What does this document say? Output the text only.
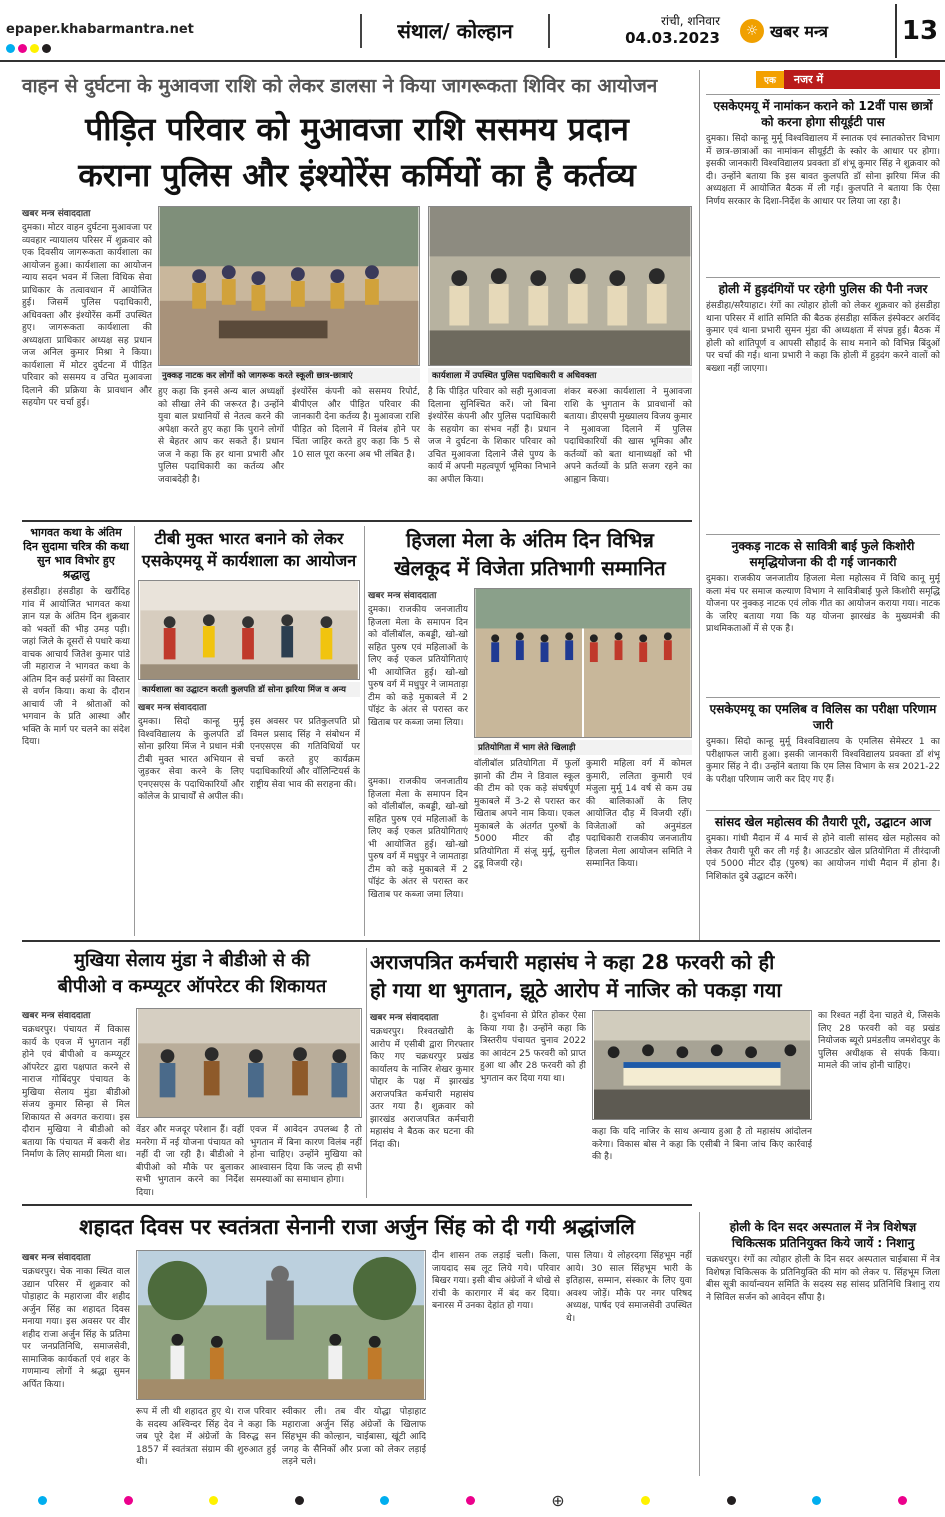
epaper.khabarmantra.net	संथाल/ कोल्हान	रांची, शनिवार
04.03.2023	☼ खबर मन्त्र	13
वाहन से दुर्घटना के मुआवजा राशि को लेकर डालसा ने किया जागरूकता शिविर का आयोजन
पीड़ित परिवार को मुआवजा राशि ससमय प्रदान
कराना पुलिस और इंश्योरेंस कर्मियों का है कर्तव्य
खबर मन्त्र संवाददाता
दुमका। मोटर वाहन दुर्घटना मुआवजा पर व्यवहार न्यायालय परिसर में शुक्रवार को एक दिवसीय जागरूकता कार्यशाला का आयोजन हुआ। कार्यशाला का आयोजन न्याय सदन भवन में जिला विधिक सेवा प्राधिकार के तत्वावधान में आयोजित हुई। जिसमें पुलिस पदाधिकारी, अधिवक्ता और इंश्योरेंस कर्मी उपस्थित हुए। जागरूकता कार्यशाला की अध्यक्षता प्राधिकार अध्यक्ष सह प्रधान जज अनिल कुमार मिश्रा ने किया। कार्यशाला में मोटर दुर्घटना में पीड़ित परिवार को ससमय व उचित मुआवजा दिलाने की प्रक्रिया के प्रावधान और सहयोग पर चर्चा हुई।
नुक्कड़ नाटक कर लोगों को जागरूक करते स्कूली छात्र-छात्राएं	कार्यशाला में उपस्थित पुलिस पदाधिकारी व अधिवक्ता
हुए कहा कि इनसे अन्य बाल अध्यक्षों को सीखा लेने की जरूरत है। उन्होंने युवा बाल प्रधानियों से नेतत्व करने की अपेक्षा करते हुए कहा कि पुराने लोगों से बेहतर आप कर सकते हैं। प्रधान जज ने कहा कि हर थाना प्रभारी और पुलिस पदाधिकारी का कर्तव्य और जवाबदेही है।
इंश्योरेंस कंपनी को ससमय रिपोर्ट, बीपीएल और पीड़ित परिवार की जानकारी देना कर्तव्य है। मुआवजा राशि पीड़ित को दिलाने में विलंब होने पर चिंता जाहिर करते हुए कहा कि 5 से 10 साल पूरा करना अब भी लंबित है।
है कि पीड़ित परिवार को सही मुआवजा दिलाना सुनिश्चित करें। जो बिना इंश्योरेंस कंपनी और पुलिस पदाधिकारी के सहयोग का संभव नहीं है। प्रधान जज ने दुर्घटना के शिकार परिवार को उचित मुआवजा दिलाने जैसे पुण्य के कार्य में अपनी महत्वपूर्ण भूमिका निभाने का अपील किया।
शंकर बरुआ कार्यशाला ने मुआवजा राशि के भुगतान के प्रावधानों को बताया। डीएसपी मुख्यालय विजय कुमार ने मुआवजा दिलाने में पुलिस पदाधिकारियों की खास भूमिका और कर्तव्यों को बता थानाध्यक्षों को भी अपने कर्तव्यों के प्रति सजग रहने का आह्वान किया।
एक	नजर में
एसकेएमयू में नामांकन कराने को 12वीं पास छात्रों को करना होगा सीयूईटी पास
दुमका। सिदो कान्हू मुर्मू विश्वविद्यालय में स्नातक एवं स्नातकोत्तर विभाग में छात्र-छात्राओं का नामांकन सीयूईटी के स्कोर के आधार पर होगा। इसकी जानकारी विश्वविद्यालय प्रवक्ता डॉ शंभू कुमार सिंह ने शुक्रवार को दी। उन्होंने बताया कि इस बावत कुलपति डॉ सोना झरिया मिंज की अध्यक्षता में आयोजित बैठक में ली गई। कुलपति ने बताया कि ऐसा निर्णय सरकार के दिशा-निर्देश के आधार पर लिया जा रहा है।
होली में हुड़दंगियों पर रहेगी पुलिस की पैनी नजर
हंसडीहा/सरैयाहाट। रंगों का त्योहार होली को लेकर शुक्रवार को हंसडीहा थाना परिसर में शांति समिति की बैठक हंसडीहा सर्किल इंस्पेक्टर अरविंद कुमार एवं थाना प्रभारी सुमन मुंडा की अध्यक्षता में संपन्न हुई। बैठक में होली को शांतिपूर्ण व आपसी सौहार्द के साथ मनाने को विभिन्न बिंदुओं पर चर्चा की गई। थाना प्रभारी ने कहा कि होली में हुड़दंग करने वालों को बख्शा नहीं जाएगा।
नुक्कड़ नाटक से सावित्री बाई फुले किशोरी समृद्धियोजना की दी गई जानकारी
दुमका। राजकीय जनजातीय हिजला मेला महोत्सव में विधि कानू मुर्मू कला मंच पर समाज कल्याण विभाग ने सावित्रीबाई फुले किशोरी समृद्धि योजना पर नुक्कड़ नाटक एवं लोक गीत का आयोजन कराया गया। नाटक के जरिए बताया गया कि यह योजना झारखंड के मुख्यमंत्री की प्राथमिकताओं में से एक है।
एसकेएमयू का एमलिब व विलिस का परीक्षा परिणाम जारी
दुमका। सिदो कान्हू मुर्मू विश्वविद्यालय के एमलिस सेमेस्टर 1 का परीक्षाफल जारी हुआ। इसकी जानकारी विश्वविद्यालय प्रवक्ता डॉ शंभू कुमार सिंह ने दी। उन्होंने बताया कि एम लिस विभाग के सत्र 2021-22 के परीक्षा परिणाम जारी कर दिए गए हैं।
सांसद खेल महोत्सव की तैयारी पूरी, उद्घाटन आज
दुमका। गांधी मैदान में 4 मार्च से होने वाली सांसद खेल महोत्सव को लेकर तैयारी पूरी कर ली गई है। आउटडोर खेल प्रतियोगिता में तीरंदाजी एवं 5000 मीटर दौड़ (पुरुष) का आयोजन गांधी मैदान में होना है। निशिकांत दुबे उद्घाटन करेंगे।
भागवत कथा के अंतिम दिन सुदामा चरित्र की कथा सुन भाव विभोर हुए श्रद्धालु
हंसडीहा। हंसडीहा के खरौंदिह गांव में आयोजित भागवत कथा ज्ञान यज्ञ के अंतिम दिन शुक्रवार को भक्तों की भीड़ उमड़ पड़ी। जहां जिले के दूसरों से पधारे कथा वाचक आचार्य जितेश कुमार पांडे जी महाराज ने भागवत कथा के अंतिम दिन कई प्रसंगों का विस्तार से वर्णन किया। कथा के दौरान आचार्य जी ने श्रोताओं को भगवान के प्रति आस्था और भक्ति के मार्ग पर चलने का संदेश दिया।
टीबी मुक्त भारत बनाने को लेकर
एसकेएमयू में कार्यशाला का आयोजन
कार्यशाला का उद्घाटन करती कुलपति डॉ सोना झरिया मिंज व अन्य
खबर मन्त्र संवाददाता
दुमका। सिदो कान्हू मुर्मू विश्वविद्यालय के कुलपति डॉ सोना झरिया मिंज ने प्रधान मंत्री टीबी मुक्त भारत अभियान से जुड़कर सेवा करने के लिए एनएसएस के पदाधिकारियों और कॉलेज के प्राचार्यों से अपील की।
इस अवसर पर प्रतिकुलपति प्रो विमल प्रसाद सिंह ने संबोधन में एनएसएस की गतिविधियों पर चर्चा करते हुए कार्यक्रम पदाधिकारियों और वॉलिन्टियर्स के राष्ट्रीय सेवा भाव की सराहना की।
हिजला मेला के अंतिम दिन विभिन्न
खेलकूद में विजेता प्रतिभागी सम्मानित
खबर मन्त्र संवाददाता
दुमका। राजकीय जनजातीय हिजला मेला के समापन दिन को वॉलीबॉल, कबड्डी, खो-खो सहित पुरुष एवं महिलाओं के लिए कई एकल प्रतियोगिताएं भी आयोजित हुई। खो-खो पुरुष वर्ग में मधुपुर ने जामताड़ा टीम को कड़े मुकाबले में 2 पॉइंट के अंतर से परास्त कर खिताब पर कब्जा जमा लिया।
प्रतियोगिता में भाग लेते खिलाड़ी
वॉलीबॉल प्रतियोगिता में फुलों झानो की टीम ने डिवाल स्कूल की टीम को एक कड़े संघर्षपूर्ण मुकाबले में 3-2 से परास्त कर खिताब अपने नाम किया। एकल मुकाबले के अंतर्गत पुरुषों के 5000 मीटर की दौड़ प्रतियोगिता में संजू मुर्मू, सुनील टुडू विजयी रहे।
कुमारी महिला वर्ग में कोमल कुमारी, ललिता कुमारी एवं मंजुला मुर्मू 14 वर्ष से कम उम्र की बालिकाओं के लिए आयोजित दौड़ में विजयी रहीं। विजेताओं को अनुमंडल पदाधिकारी राजकीय जनजातीय हिजला मेला आयोजन समिति ने सम्मानित किया।
दुमका। राजकीय जनजातीय हिजला मेला के समापन दिन को वॉलीबॉल, कबड्डी, खो-खो सहित पुरुष एवं महिलाओं के लिए कई एकल प्रतियोगिताएं भी आयोजित हुई। खो-खो पुरुष वर्ग में मधुपुर ने जामताड़ा टीम को कड़े मुकाबले में 2 पॉइंट के अंतर से परास्त कर खिताब पर कब्जा जमा लिया।
मुखिया सेलाय मुंडा ने बीडीओ से की
बीपीओ व कम्प्यूटर ऑपरेटर की शिकायत
खबर मन्त्र संवाददाता
चक्रधरपुर। पंचायत में विकास कार्य के एवज में भुगतान नहीं होने एवं बीपीओ व कम्प्यूटर ऑपरेटर द्वारा पक्षपात करने से नाराज गोबिंदपुर पंचायत के मुखिया सेलाय मुंडा बीडीओ संजय कुमार सिन्हा से मिल शिकायत से अवगत कराया। इस दौरान मुखिया ने बीडीओ को बताया कि पंचायत में बकरी शेड निर्माण के लिए सामग्री मिला था।
वेंडर और मजदूर परेशान हैं। वहीं मनरेगा में नई योजना पंचायत को नहीं दी जा रही है। बीडीओ ने बीपीओ को मौके पर बुलाकर सभी भुगतान करने का निर्देश दिया।
एवज में आवेदन उपलब्ध है तो भुगतान में बिना कारण विलंब नहीं होना चाहिए। उन्होंने मुखिया को आश्वासन दिया कि जल्द ही सभी समस्याओं का समाधान होगा।
अराजपत्रित कर्मचारी महासंघ ने कहा 28 फरवरी को ही
हो गया था भुगतान, झूठे आरोप में नाजिर को पकड़ा गया
खबर मन्त्र संवाददाता
चक्रधरपुर। रिश्वतखोरी के आरोप में एसीबी द्वारा गिरफ्तार किए गए चक्रधरपुर प्रखंड कार्यालय के नाजिर शेखर कुमार पोद्दार के पक्ष में झारखंड अराजपत्रित कर्मचारी महासंघ उतर गया है। शुक्रवार को झारखंड अराजपत्रित कर्मचारी महासंघ ने बैठक कर घटना की निंदा की।
है। दुर्भावना से प्रेरित होकर ऐसा किया गया है। उन्होंने कहा कि त्रिस्तरीय पंचायत चुनाव 2022 का आवंटन 25 फरवरी को प्राप्त हुआ था और 28 फरवरी को ही भुगतान कर दिया गया था।
कहा कि यदि नाजिर के साथ अन्याय हुआ है तो महासंघ आंदोलन करेगा। विकास बोस ने कहा कि एसीबी ने बिना जांच किए कार्रवाई की है।
का रिश्वत नहीं देना चाहते थे, जिसके लिए 28 फरवरी को वह प्रखंड नियोजक ब्यूरो प्रमंडलीय जमशेदपुर के पुलिस अधीक्षक से संपर्क किया। मामले की जांच होनी चाहिए।
शहादत दिवस पर स्वतंत्रता सेनानी राजा अर्जुन सिंह को दी गयी श्रद्धांजलि
खबर मन्त्र संवाददाता
चक्रधरपुर। चेक नाका स्थित वाल उद्यान परिसर में शुक्रवार को पोड़ाहाट के महाराजा वीर शहीद अर्जुन सिंह का शहादत दिवस मनाया गया। इस अवसर पर वीर शहीद राजा अर्जुन सिंह के प्रतिमा पर जनप्रतिनिधि, समाजसेवी, सामाजिक कार्यकर्ता एवं शहर के गणमान्य लोगों ने श्रद्धा सुमन अर्पित किया।
रूप में ली थी शहादत हुए थे। राज परिवार के सदस्य अश्विन्दर सिंह देव ने कहा कि जब पूरे देश में अंग्रेजों के विरुद्ध सन 1857 में स्वतंत्रता संग्राम की शुरुआत हुई थी।
स्वीकार ली। तब वीर योद्धा पोड़ाहाट महाराजा अर्जुन सिंह अंग्रेजों के खिलाफ सिंहभूम की कोल्हान, चाईबासा, खूंटी आदि जगह के सैनिकों और प्रजा को लेकर लड़ाई लड़ने चले।
दीन शासन तक लड़ाई चली। किला, जायदाद सब लूट लिये गये। परिवार बिखर गया। इसी बीच अंग्रेजों ने धोखे से रांची के कारागार में बंद कर दिया। बनारस में उनका देहांत हो गया।
पास लिया। ये लोहरदगा सिंहभूम नहीं आये। 30 साल सिंहभूम भारी के इतिहास, सम्मान, संस्कार के लिए युवा अवश्य जोड़ें। मौके पर नगर परिषद अध्यक्ष, पार्षद एवं समाजसेवी उपस्थित थे।
होली के दिन सदर अस्पताल में नेत्र विशेषज्ञ चिकित्सक प्रतिनियुक्त किये जायें : निशानु
चक्रधरपुर। रंगों का त्योहार होली के दिन सदर अस्पताल चाईबासा में नेत्र विशेषज्ञ चिकित्सक के प्रतिनियुक्ति की मांग को लेकर प. सिंहभूम जिला बीस सूत्री कार्यान्वयन समिति के सदस्य सह सांसद प्रतिनिधि त्रिशानु राय ने सिविल सर्जन को आवेदन सौंपा है।
⊕
